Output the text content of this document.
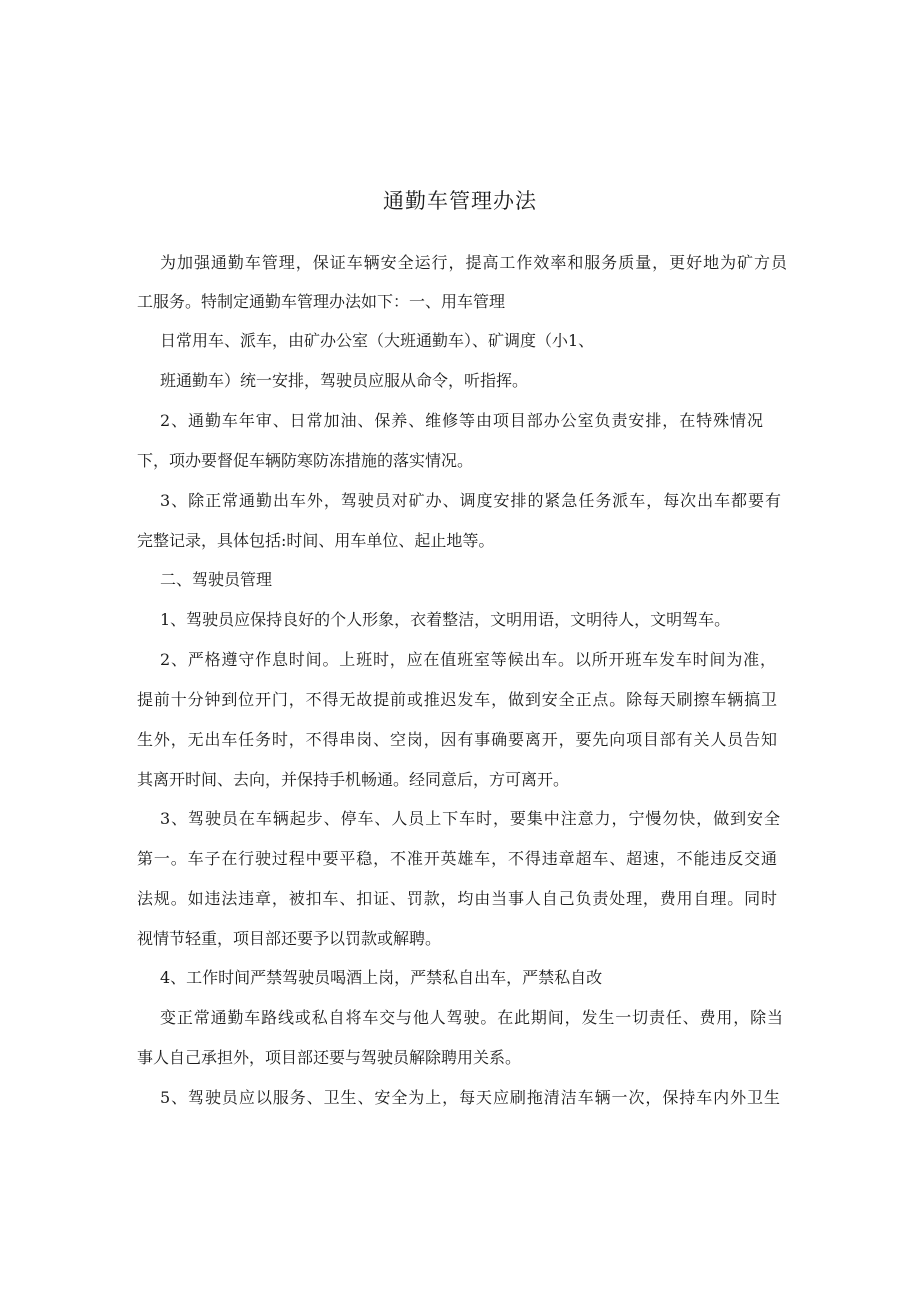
通勤车管理办法
为加强通勤车管理，保证车辆安全运行，提高工作效率和服务质量，更好地为矿方员
工服务。特制定通勤车管理办法如下：一、用车管理
日常用车、派车，由矿办公室（大班通勤车）、矿调度（小1、
班通勤车）统一安排，驾驶员应服从命令，听指挥。
2、通勤车年审、日常加油、保养、维修等由项目部办公室负责安排，在特殊情况
下，项办要督促车辆防寒防冻措施的落实情况。
3、除正常通勤出车外，驾驶员对矿办、调度安排的紧急任务派车，每次出车都要有
完整记录，具体包括:时间、用车单位、起止地等。
二、驾驶员管理
1、驾驶员应保持良好的个人形象，衣着整洁，文明用语，文明待人，文明驾车。
2、严格遵守作息时间。上班时，应在值班室等候出车。以所开班车发车时间为准，
提前十分钟到位开门，不得无故提前或推迟发车，做到安全正点。除每天刷擦车辆搞卫
生外，无出车任务时，不得串岗、空岗，因有事确要离开，要先向项目部有关人员告知
其离开时间、去向，并保持手机畅通。经同意后，方可离开。
3、驾驶员在车辆起步、停车、人员上下车时，要集中注意力，宁慢勿快，做到安全
第一。车子在行驶过程中要平稳，不准开英雄车，不得违章超车、超速，不能违反交通
法规。如违法违章，被扣车、扣证、罚款，均由当事人自己负责处理，费用自理。同时
视情节轻重，项目部还要予以罚款或解聘。
4、工作时间严禁驾驶员喝酒上岗，严禁私自出车，严禁私自改
变正常通勤车路线或私自将车交与他人驾驶。在此期间，发生一切责任、费用，除当
事人自己承担外，项目部还要与驾驶员解除聘用关系。
5、驾驶员应以服务、卫生、安全为上，每天应刷拖清洁车辆一次，保持车内外卫生
